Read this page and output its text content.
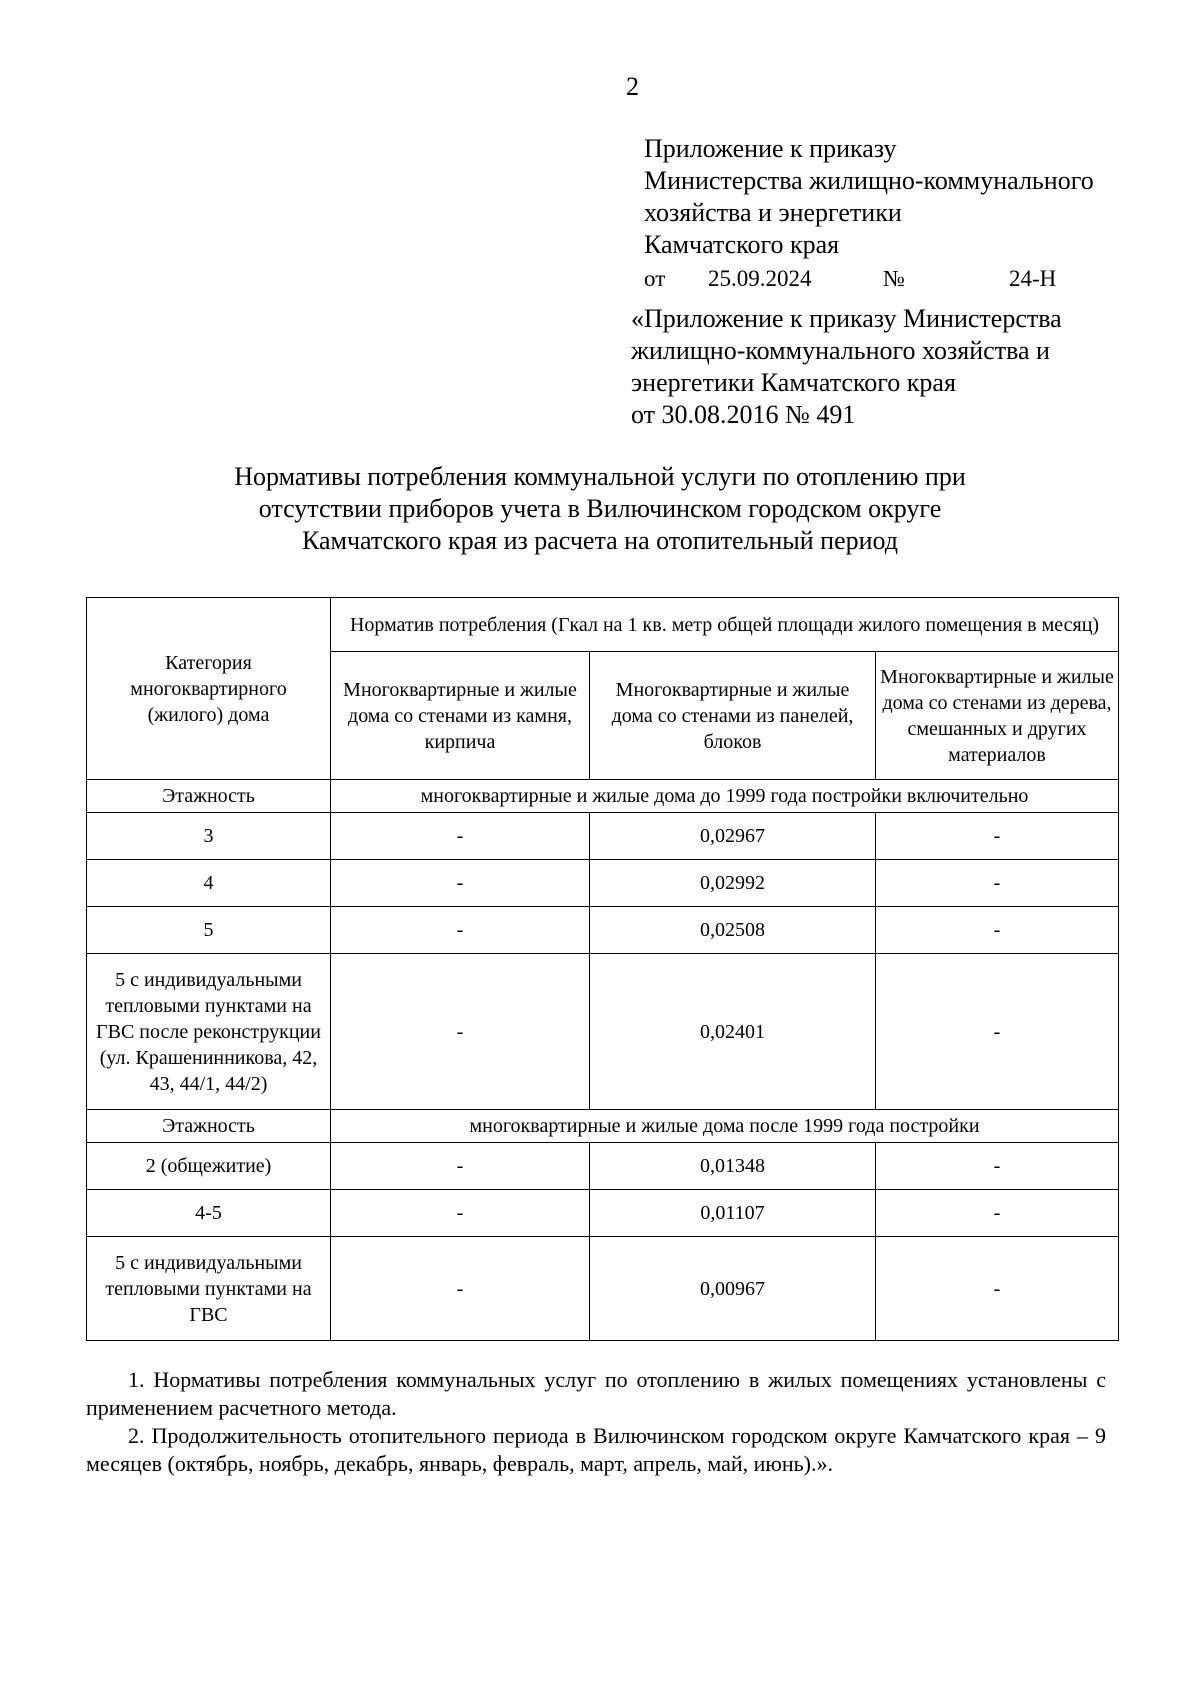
2
Приложение к приказу
Министерства жилищно-коммунального
хозяйства и энергетики
Камчатского края
от 25.09.2024	№	24-Н
«Приложение к приказу Министерства
жилищно-коммунального хозяйства и
энергетики Камчатского края
от 30.08.2016 № 491
Нормативы потребления коммунальной услуги по отоплению при
отсутствии приборов учета в Вилючинском городском округе
Камчатского края из расчета на отопительный период
Категория многоквартирного (жилого) дома	Норматив потребления (Гкал на 1 кв. метр общей площади жилого помещения в месяц)		
	Многоквартирные и жилые дома со стенами из камня, кирпича	Многоквартирные и жилые дома со стенами из панелей, блоков	Многоквартирные и жилые дома со стенами из дерева, смешанных и других материалов
Этажность	многоквартирные и жилые дома до 1999 года постройки включительно		
3	-	0,02967	-
4	-	0,02992	-
5	-	0,02508	-
5 с индивидуальными тепловыми пунктами на ГВС после реконструкции (ул. Крашенинникова, 42, 43, 44/1, 44/2)	-	0,02401	-
Этажность	многоквартирные и жилые дома после 1999 года постройки		
2 (общежитие)	-	0,01348	-
4-5	-	0,01107	-
5 с индивидуальными тепловыми пунктами на ГВС	-	0,00967	-

1. Нормативы потребления коммунальных услуг по отоплению в жилых помещениях установлены с применением расчетного метода.

2. Продолжительность отопительного периода в Вилючинском городском округе Камчатского края – 9 месяцев (октябрь, ноябрь, декабрь, январь, февраль, март, апрель, май, июнь).».
